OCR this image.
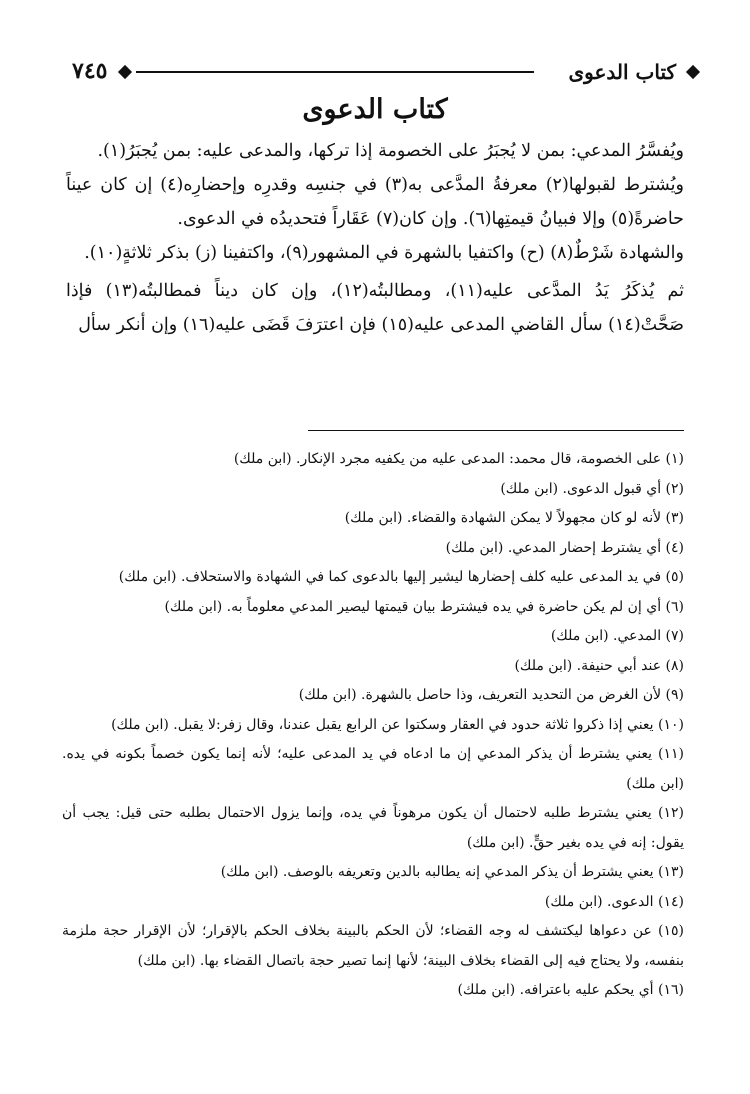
كتاب الدعوى
٧٤٥
كتاب الدعوى

ويُفسَّرُ المدعي: بمن لا يُجبَرُ على الخصومة إذا تركها، والمدعى عليه: بمن يُجبَرُ(١).

ويُشترط لقبولها(٢) معرفةُ المدَّعى به(٣) في جنسِه وقدرِه وإحضارِه(٤) إن كان عيناً حاضرةً(٥) وإلا فبيانُ قيمتِها(٦). وإن كان(٧) عَقَاراً فتحديدُه في الدعوى.

والشهادة شَرْطٌ(٨) (ح) واكتفيا بالشهرة في المشهور(٩)، واكتفينا (ز) بذكر ثلاثةٍ(١٠).

ثم يُذكَرُ يَدُ المدَّعى عليه(١١)، ومطالبتُه(١٢)، وإن كان ديناً فمطالبتُه(١٣) فإذا صَحَّتْ(١٤) سأل القاضي المدعى عليه(١٥) فإن اعترَفَ قَضَى عليه(١٦) وإن أنكر سأل

(١) على الخصومة، قال محمد: المدعى عليه من يكفيه مجرد الإنكار. (ابن ملك)

(٢) أي قبول الدعوى. (ابن ملك)

(٣) لأنه لو كان مجهولاً لا يمكن الشهادة والقضاء. (ابن ملك)

(٤) أي يشترط إحضار المدعي. (ابن ملك)

(٥) في يد المدعى عليه كلف إحضارها ليشير إليها بالدعوى كما في الشهادة والاستحلاف. (ابن ملك)

(٦) أي إن لم يكن حاضرة في يده فيشترط بيان قيمتها ليصير المدعي معلوماً به. (ابن ملك)

(٧) المدعي. (ابن ملك)

(٨) عند أبي حنيفة. (ابن ملك)

(٩) لأن الغرض من التحديد التعريف، وذا حاصل بالشهرة. (ابن ملك)

(١٠) يعني إذا ذكروا ثلاثة حدود في العقار وسكتوا عن الرابع يقبل عندنا، وقال زفر:لا يقبل. (ابن ملك)

(١١) يعني يشترط أن يذكر المدعي إن ما ادعاه في يد المدعى عليه؛ لأنه إنما يكون خصماً بكونه في يده. (ابن ملك)

(١٢) يعني يشترط طلبه لاحتمال أن يكون مرهوناً في يده، وإنما يزول الاحتمال بطلبه حتى قيل: يجب أن يقول: إنه في يده بغير حقٍّ. (ابن ملك)

(١٣) يعني يشترط أن يذكر المدعي إنه يطالبه بالدين وتعريفه بالوصف. (ابن ملك)

(١٤) الدعوى. (ابن ملك)

(١٥) عن دعواها ليكتشف له وجه القضاء؛ لأن الحكم بالبينة بخلاف الحكم بالإقرار؛ لأن الإقرار حجة ملزمة بنفسه، ولا يحتاج فيه إلى القضاء بخلاف البينة؛ لأنها إنما تصير حجة باتصال القضاء بها. (ابن ملك)

(١٦) أي يحكم عليه باعترافه. (ابن ملك)
